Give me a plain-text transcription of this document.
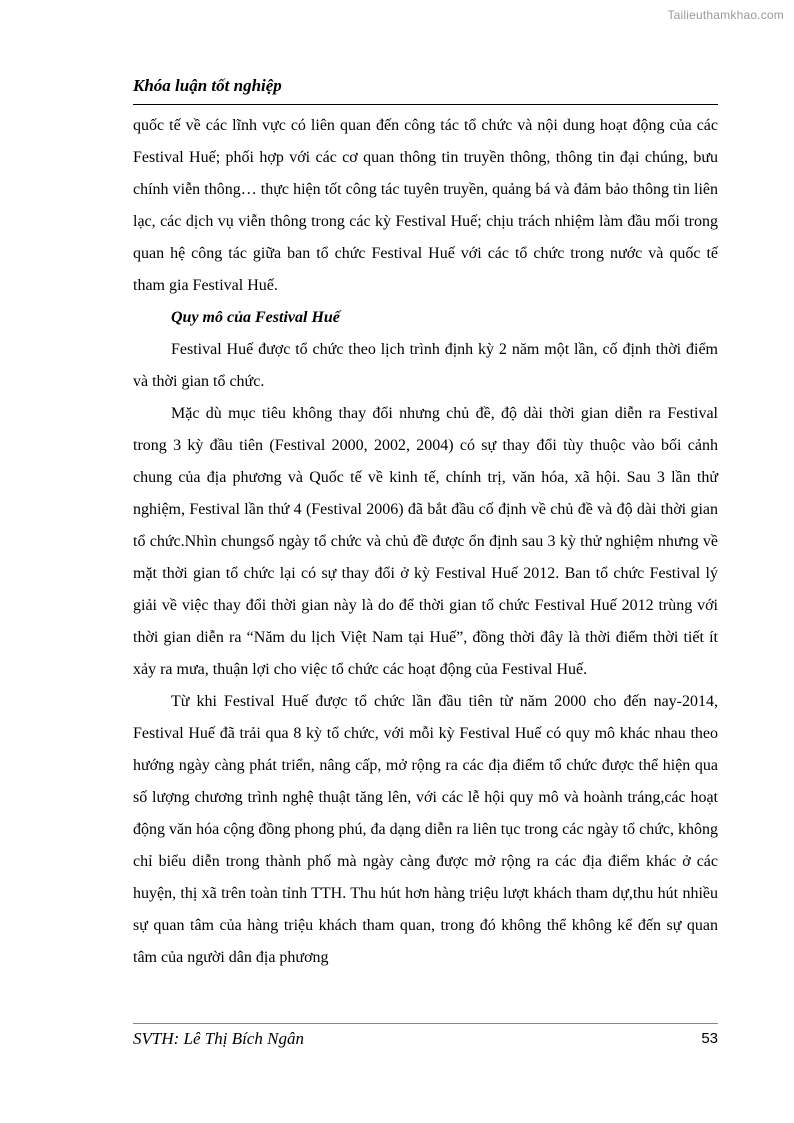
Tailieuthamkhao.com
Khóa luận tốt nghiệp

quốc tế về các lĩnh vực có liên quan đến công tác tổ chức và nội dung hoạt động của các Festival Huế; phối hợp với các cơ quan thông tin truyền thông, thông tin đại chúng, bưu chính viễn thông… thực hiện tốt công tác tuyên truyền, quảng bá và đảm bảo thông tin liên lạc, các dịch vụ viễn thông trong các kỳ Festival Huế; chịu trách nhiệm làm đầu mối trong quan hệ công tác giữa ban tổ chức Festival Huế với các tổ chức trong nước và quốc tế tham gia Festival Huế.

Quy mô của Festival Huế

Festival Huế được tổ chức theo lịch trình định kỳ 2 năm một lần, cố định thời điểm và thời gian tổ chức.

Mặc dù mục tiêu không thay đổi nhưng chủ đề, độ dài thời gian diễn ra Festival trong 3 kỳ đầu tiên (Festival 2000, 2002, 2004) có sự thay đổi tùy thuộc vào bối cảnh chung của địa phương và Quốc tế về kinh tế, chính trị, văn hóa, xã hội. Sau 3 lần thử nghiệm, Festival lần thứ 4 (Festival 2006) đã bắt đầu cố định về chủ đề và độ dài thời gian tổ chức.Nhìn chungsố ngày tổ chức và chủ đề được ổn định sau 3 kỳ thử nghiệm nhưng về mặt thời gian tổ chức lại có sự thay đổi ở kỳ Festival Huế 2012. Ban tổ chức Festival lý giải về việc thay đổi thời gian này là do để thời gian tổ chức Festival Huế 2012 trùng với thời gian diễn ra “Năm du lịch Việt Nam tại Huế”, đồng thời đây là thời điểm thời tiết ít xảy ra mưa, thuận lợi cho việc tổ chức các hoạt động của Festival Huế.

Từ khi Festival Huế được tổ chức lần đầu tiên từ năm 2000 cho đến nay-2014, Festival Huế đã trải qua 8 kỳ tổ chức, với mỗi kỳ Festival Huế có quy mô khác nhau theo hướng ngày càng phát triển, nâng cấp, mở rộng ra các địa điểm tổ chức được thể hiện qua số lượng chương trình nghệ thuật tăng lên, với các lễ hội quy mô và hoành tráng,các hoạt động văn hóa cộng đồng phong phú, đa dạng diễn ra liên tục trong các ngày tổ chức, không chỉ biểu diễn trong thành phố mà ngày càng được mở rộng ra các địa điểm khác ở các huyện, thị xã trên toàn tỉnh TTH. Thu hút hơn hàng triệu lượt khách tham dự,thu hút nhiều sự quan tâm của hàng triệu khách tham quan, trong đó không thể không kể đến sự quan tâm của người dân địa phương

SVTH: Lê Thị Bích Ngân	53
